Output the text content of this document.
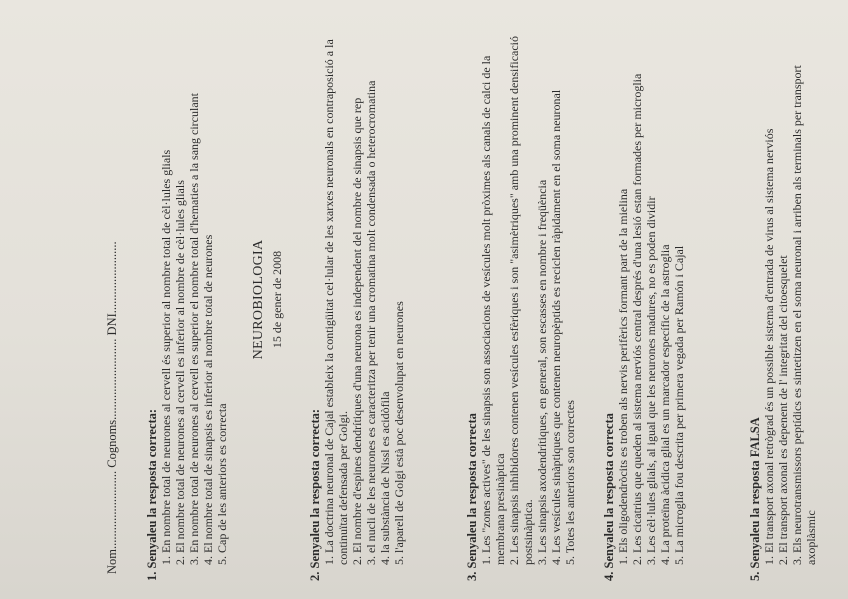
NEUROBIOLOGIA 15 de gener de 2008
Nom......................... Cognoms.......................... DNI.......................
1. Senyaleu la resposta correcta: 1. En nombre total de neurones al cervell és superior al nombre total de cèl·lules glials 2. El nombre total de neurones al cervell es inferior al nombre de cèl·lules glials 3. En nombre total de neurones al cervell es superior el nombre total d'hematies a la sang circulant 4. El nombre total de sinapsis es inferior al nombre total de neurones 5. Cap de les anteriors es correcta	2. Senyaleu la resposta correcta: 1. La doctrina neuronal de Cajal estableix la contigüitat cel·lular de les xarxes neuronals en contraposició a la continuïtat defensada per Golgi. 2. El nombre d'espines dendrítiques d'una neurona es independent del nombre de sinapsis que rep 3. el nucli de les neurones es caracteritza per tenir una cromatina molt condensada o heterocromatina 4. la substància de Nissl es acidòfila 5. l'aparell de Golgi està poc desenvolupat en neurones	3. Senyaleu la resposta correcta 1. Les "zones actives" de les sinapsis son associacions de vesícules molt pròximes als canals de calci de la membrana presinàptica 2. Les sinapsis inhibidores contenen vesícules esfèriques i son "asimètriques" amb una prominent densificació postsinàptica. 3. Les sinapsis axodendrítiques, en general, son escasses en nombre i freqüència 4. Les vesícules sinàptiques que contenen neuropèptids es reciclen ràpidament en el soma neuronal 5. Totes les anteriors son correctes 4. Senyaleu la resposta correcta 1. Els oligodendròcits es troben als nervis perifèrics formant part de la mielina 2. Les cicatrius que queden al sistema nerviós central després d'una lesió estan formades per microglia 3. Les cèl·lules glials, al igual que les neurones madures, no es poden dividir 4. La proteïna àcidica glial es un marcador específic de la astroglia 5. La microglia fou descrita per primera vegada per Ramón i Cajal	5. Senyaleu la resposta FALSA 1. El transport axonal retrògrad és un possible sistema d'entrada de virus al sistema nerviós 2. El transport axonal es depenent de l' integritat del citoesquelet 3. Els neurotransmissors peptídics es sintetitzen en el soma neuronal i arriben als terminals per transport axoplàsmic
